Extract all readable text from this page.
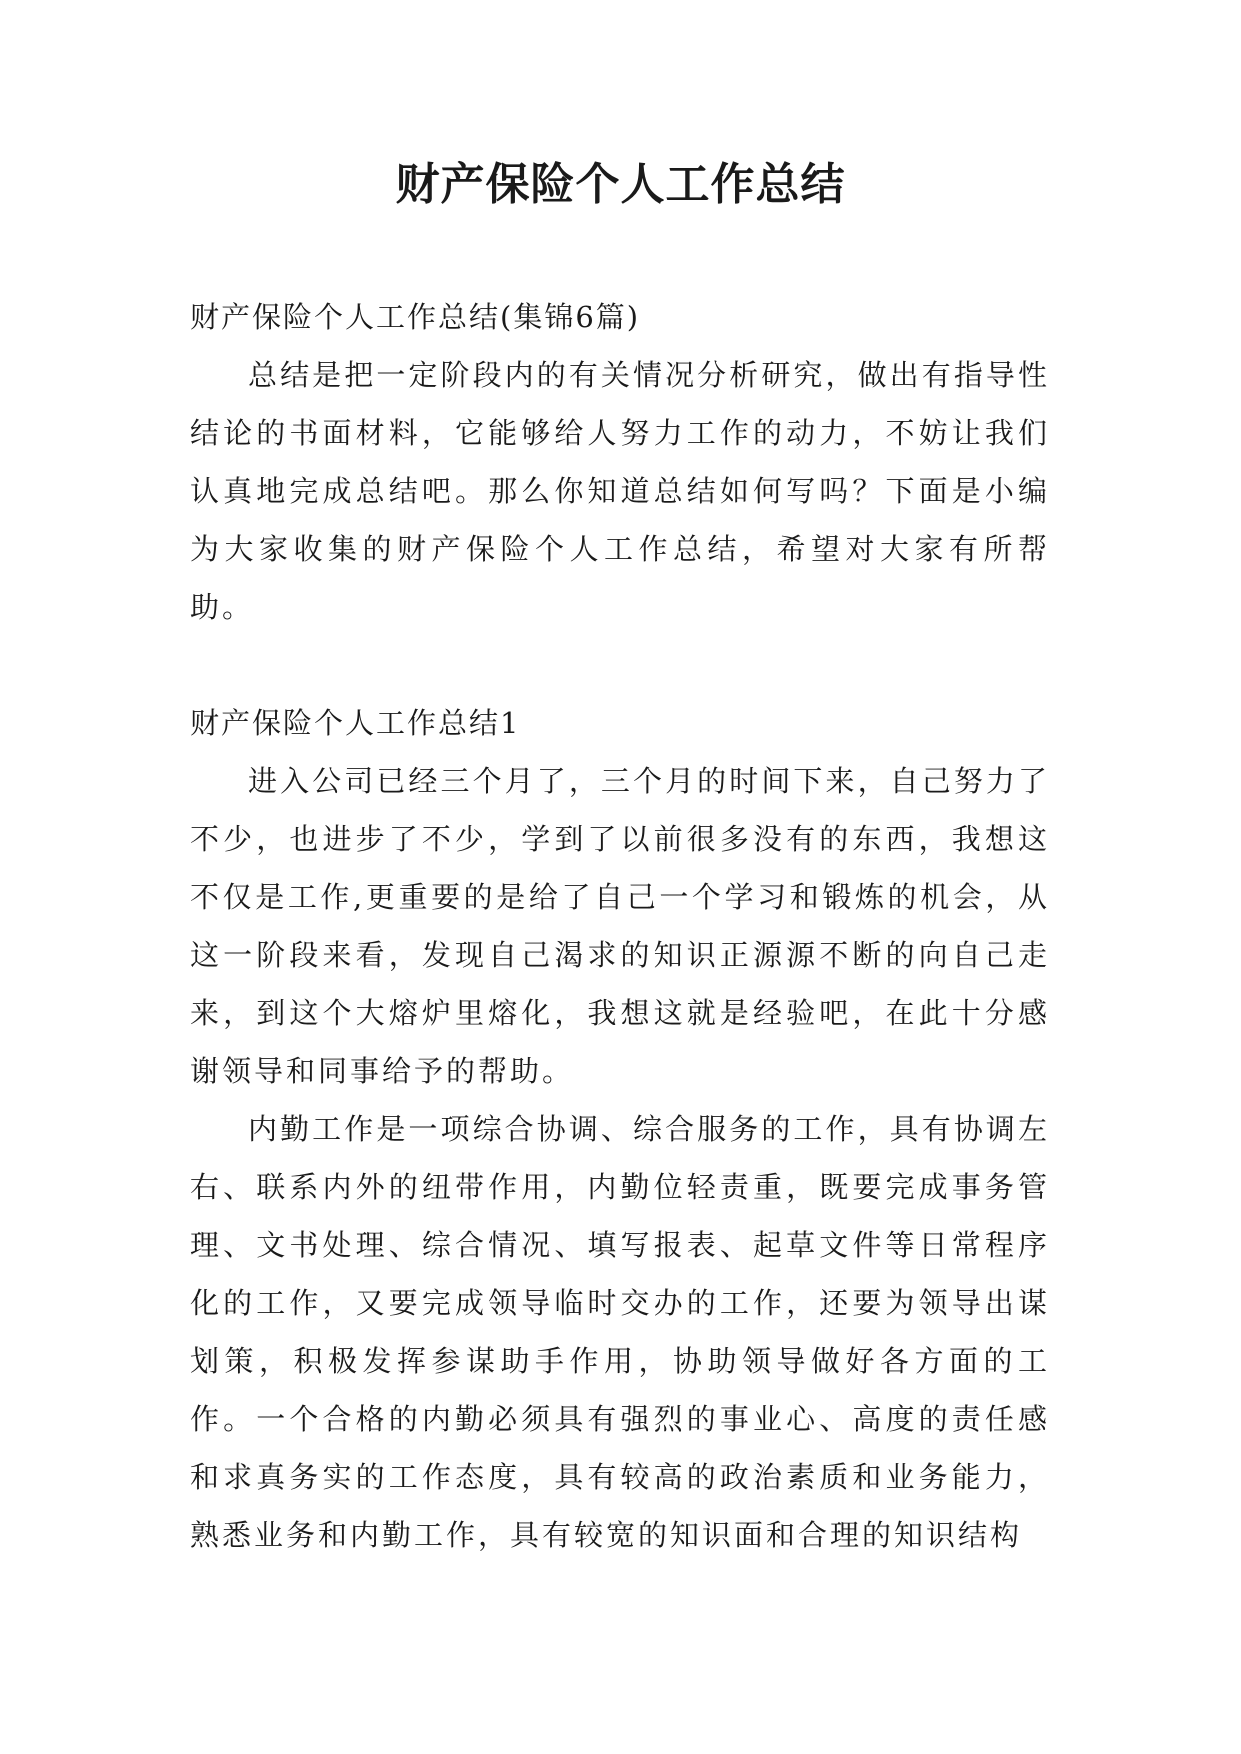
财产保险个人工作总结

财产保险个人工作总结(集锦6篇)

总结是把一定阶段内的有关情况分析研究，做出有指导性结论的书面材料，它能够给人努力工作的动力，不妨让我们认真地完成总结吧。那么你知道总结如何写吗？下面是小编为大家收集的财产保险个人工作总结，希望对大家有所帮助。

财产保险个人工作总结1

进入公司已经三个月了，三个月的时间下来，自己努力了不少，也进步了不少，学到了以前很多没有的东西，我想这不仅是工作,更重要的是给了自己一个学习和锻炼的机会，从这一阶段来看，发现自己渴求的知识正源源不断的向自己走来，到这个大熔炉里熔化，我想这就是经验吧，在此十分感谢领导和同事给予的帮助。

内勤工作是一项综合协调、综合服务的工作，具有协调左右、联系内外的纽带作用，内勤位轻责重，既要完成事务管理、文书处理、综合情况、填写报表、起草文件等日常程序化的工作，又要完成领导临时交办的工作，还要为领导出谋划策，积极发挥参谋助手作用，协助领导做好各方面的工作。一个合格的内勤必须具有强烈的事业心、高度的责任感和求真务实的工作态度，具有较高的政治素质和业务能力，熟悉业务和内勤工作，具有较宽的知识面和合理的知识结构
